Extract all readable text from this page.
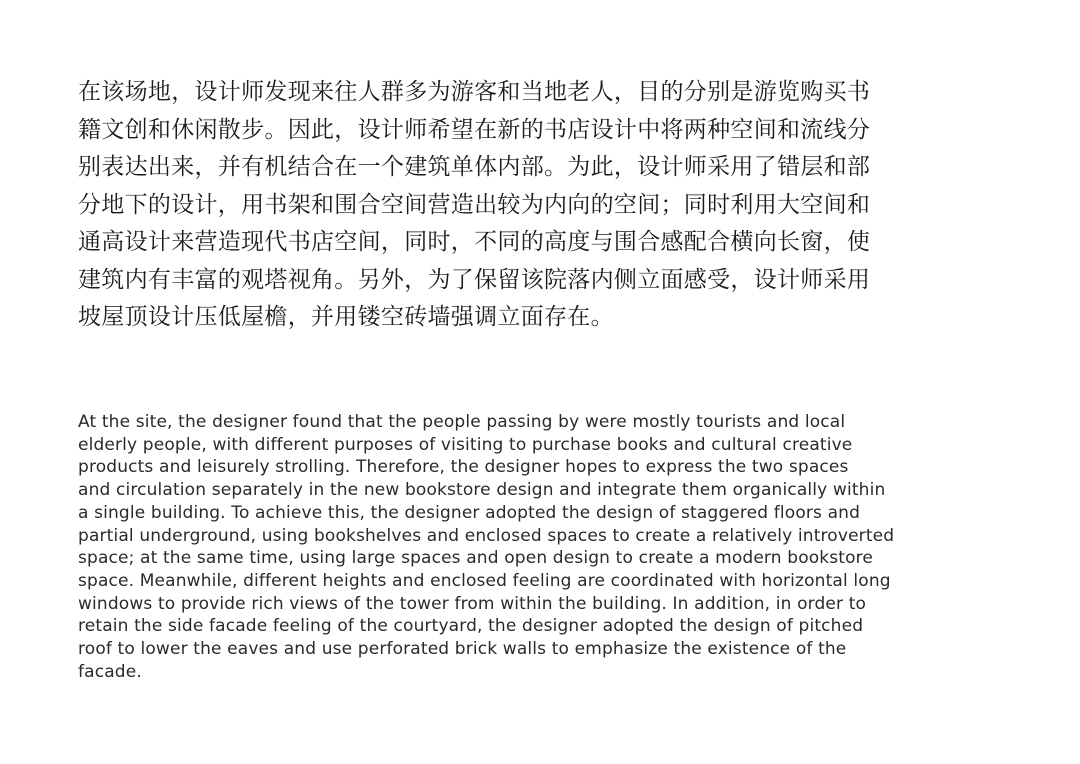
在该场地，设计师发现来往人群多为游客和当地老人，目的分别是游览购买书
籍文创和休闲散步。因此，设计师希望在新的书店设计中将两种空间和流线分
别表达出来，并有机结合在一个建筑单体内部。为此，设计师采用了错层和部
分地下的设计，用书架和围合空间营造出较为内向的空间；同时利用大空间和
通高设计来营造现代书店空间，同时，不同的高度与围合感配合横向长窗，使
建筑内有丰富的观塔视角。另外，为了保留该院落内侧立面感受，设计师采用
坡屋顶设计压低屋檐，并用镂空砖墙强调立面存在。
At the site, the designer found that the people passing by were mostly tourists and local
elderly people, with different purposes of visiting to purchase books and cultural creative
products and leisurely strolling. Therefore, the designer hopes to express the two spaces
and circulation separately in the new bookstore design and integrate them organically within
a single building. To achieve this, the designer adopted the design of staggered floors and
partial underground, using bookshelves and enclosed spaces to create a relatively introverted
space; at the same time, using large spaces and open design to create a modern bookstore
space. Meanwhile, different heights and enclosed feeling are coordinated with horizontal long
windows to provide rich views of the tower from within the building. In addition, in order to
retain the side facade feeling of the courtyard, the designer adopted the design of pitched
roof to lower the eaves and use perforated brick walls to emphasize the existence of the
facade.
